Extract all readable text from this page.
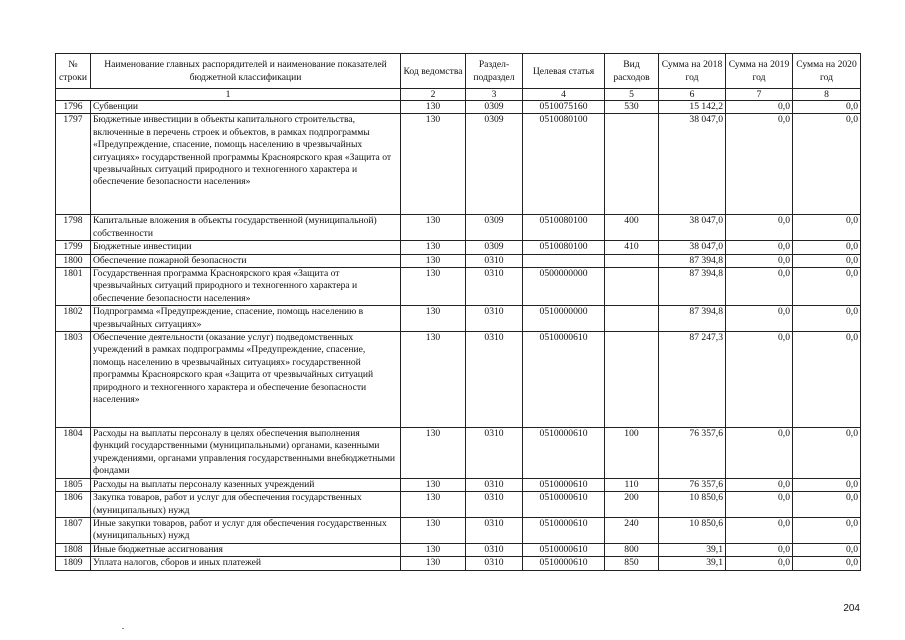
№ строки	Наименование главных распорядителей и наименование показателей бюджетной классификации	Код ведомства	Раздел- подраздел	Целевая статья	Вид расходов	Сумма на 2018 год	Сумма на 2019 год	Сумма на 2020 год
1		2	3	4	5	6	7	8
1796	Субвенции	130	0309	0510075160	530	15 142,2	0,0	0,0
1797	Бюджетные инвестиции в объекты капитального строительства, включенные в перечень строек и объектов, в рамках подпрограммы «Предупреждение, спасение, помощь населению в чрезвычайных ситуациях» государственной программы Красноярского края «Защита от чрезвычайных ситуаций природного и техногенного характера и обеспечение безопасности населения»	130	0309	0510080100		38 047,0	0,0	0,0
1798	Капитальные вложения в объекты государственной (муниципальной) собственности	130	0309	0510080100	400	38 047,0	0,0	0,0
1799	Бюджетные инвестиции	130	0309	0510080100	410	38 047,0	0,0	0,0
1800	Обеспечение пожарной безопасности	130	0310			87 394,8	0,0	0,0
1801	Государственная программа Красноярского края «Защита от чрезвычайных ситуаций природного и техногенного характера и обеспечение безопасности населения»	130	0310	0500000000		87 394,8	0,0	0,0
1802	Подпрограмма «Предупреждение, спасение, помощь населению в чрезвычайных ситуациях»	130	0310	0510000000		87 394,8	0,0	0,0
1803	Обеспечение деятельности (оказание услуг) подведомственных учреждений в рамках подпрограммы «Предупреждение, спасение, помощь населению в чрезвычайных ситуациях» государственной программы Красноярского края «Защита от чрезвычайных ситуаций природного и техногенного характера и обеспечение безопасности населения»	130	0310	0510000610		87 247,3	0,0	0,0
1804	Расходы на выплаты персоналу в целях обеспечения выполнения функций государственными (муниципальными) органами, казенными учреждениями, органами управления государственными внебюджетными фондами	130	0310	0510000610	100	76 357,6	0,0	0,0
1805	Расходы на выплаты персоналу казенных учреждений	130	0310	0510000610	110	76 357,6	0,0	0,0
1806	Закупка товаров, работ и услуг для обеспечения государственных (муниципальных) нужд	130	0310	0510000610	200	10 850,6	0,0	0,0
1807	Иные закупки товаров, работ и услуг для обеспечения государственных (муниципальных) нужд	130	0310	0510000610	240	10 850,6	0,0	0,0
1808	Иные бюджетные ассигнования	130	0310	0510000610	800	39,1	0,0	0,0
1809	Уплата налогов, сборов и иных платежей	130	0310	0510000610	850	39,1	0,0	0,0
204
